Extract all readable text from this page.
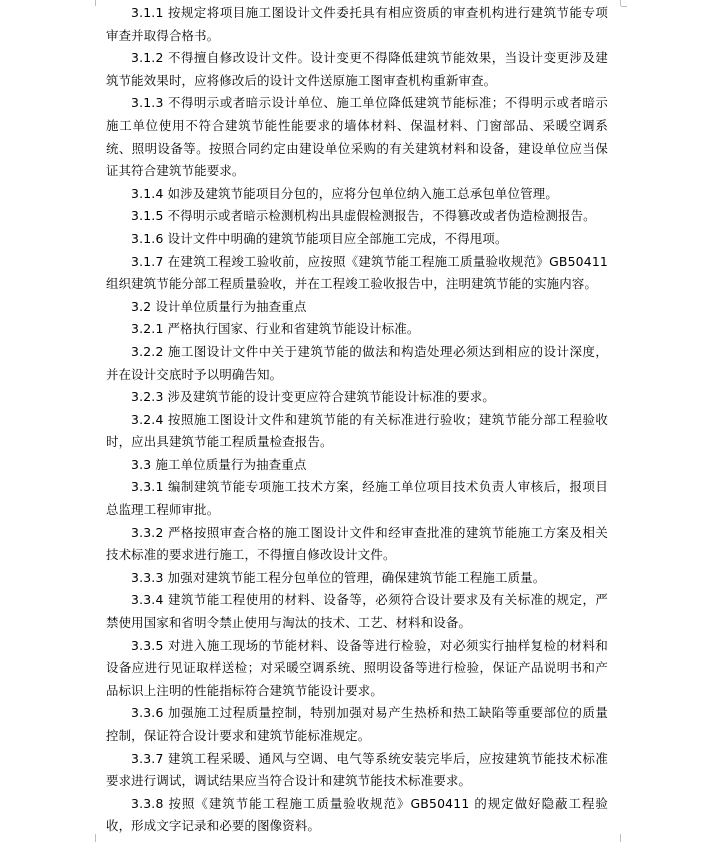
3.1.1 按规定将项目施工图设计文件委托具有相应资质的审查机构进行建筑节能专项审查并取得合格书。

3.1.2 不得擅自修改设计文件。设计变更不得降低建筑节能效果，当设计变更涉及建筑节能效果时，应将修改后的设计文件送原施工图审查机构重新审查。

3.1.3 不得明示或者暗示设计单位、施工单位降低建筑节能标准；不得明示或者暗示施工单位使用不符合建筑节能性能要求的墙体材料、保温材料、门窗部品、采暖空调系统、照明设备等。按照合同约定由建设单位采购的有关建筑材料和设备，建设单位应当保证其符合建筑节能要求。

3.1.4 如涉及建筑节能项目分包的，应将分包单位纳入施工总承包单位管理。

3.1.5 不得明示或者暗示检测机构出具虚假检测报告，不得篡改或者伪造检测报告。

3.1.6 设计文件中明确的建筑节能项目应全部施工完成，不得甩项。

3.1.7 在建筑工程竣工验收前，应按照《建筑节能工程施工质量验收规范》GB50411 组织建筑节能分部工程质量验收，并在工程竣工验收报告中，注明建筑节能的实施内容。

3.2 设计单位质量行为抽查重点

3.2.1 严格执行国家、行业和省建筑节能设计标准。

3.2.2 施工图设计文件中关于建筑节能的做法和构造处理必须达到相应的设计深度，并在设计交底时予以明确告知。

3.2.3 涉及建筑节能的设计变更应符合建筑节能设计标准的要求。

3.2.4 按照施工图设计文件和建筑节能的有关标准进行验收；建筑节能分部工程验收时，应出具建筑节能工程质量检查报告。

3.3 施工单位质量行为抽查重点

3.3.1 编制建筑节能专项施工技术方案，经施工单位项目技术负责人审核后，报项目总监理工程师审批。

3.3.2 严格按照审查合格的施工图设计文件和经审查批准的建筑节能施工方案及相关技术标准的要求进行施工，不得擅自修改设计文件。

3.3.3 加强对建筑节能工程分包单位的管理，确保建筑节能工程施工质量。

3.3.4 建筑节能工程使用的材料、设备等，必须符合设计要求及有关标准的规定，严禁使用国家和省明令禁止使用与淘汰的技术、工艺、材料和设备。

3.3.5 对进入施工现场的节能材料、设备等进行检验，对必须实行抽样复检的材料和设备应进行见证取样送检；对采暖空调系统、照明设备等进行检验，保证产品说明书和产品标识上注明的性能指标符合建筑节能设计要求。

3.3.6 加强施工过程质量控制，特别加强对易产生热桥和热工缺陷等重要部位的质量控制，保证符合设计要求和建筑节能标准规定。

3.3.7 建筑工程采暖、通风与空调、电气等系统安装完毕后，应按建筑节能技术标准要求进行调试，调试结果应当符合设计和建筑节能技术标准要求。

3.3.8 按照《建筑节能工程施工质量验收规范》GB50411 的规定做好隐蔽工程验收，形成文字记录和必要的图像资料。
